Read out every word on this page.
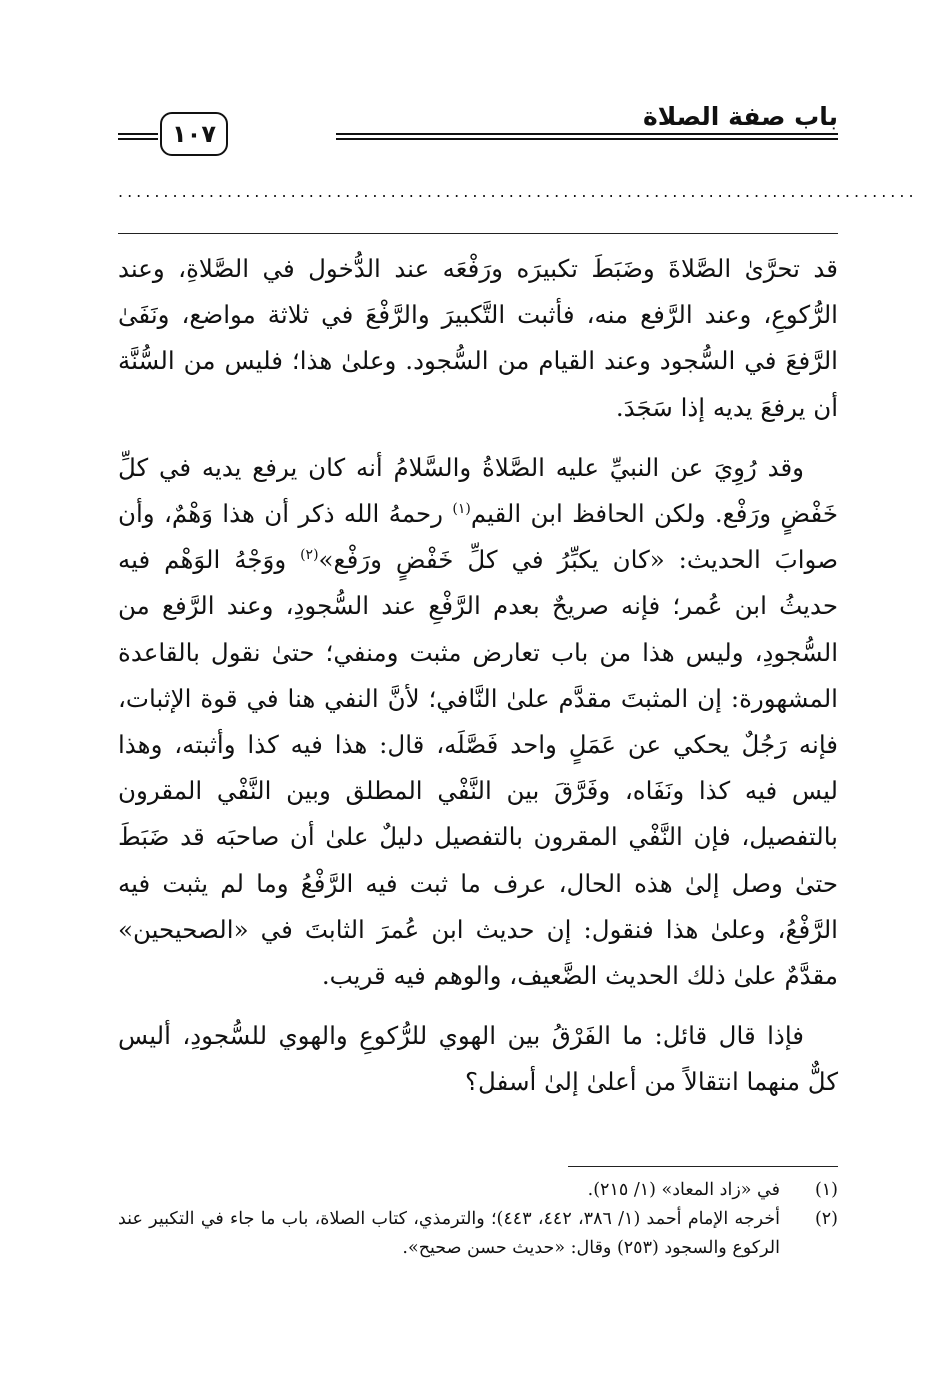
باب صفة الصلاة
١٠٧
........................................................................................

قد تحرَّىٰ الصَّلاةَ وضَبَطَ تكبيرَه ورَفْعَه عند الدُّخول في الصَّلاةِ، وعند الرُّكوعِ، وعند الرَّفع منه، فأثبت التَّكبيرَ والرَّفْعَ في ثلاثة مواضع، ونَفَىٰ الرَّفعَ في السُّجود وعند القيام من السُّجود. وعلىٰ هذا؛ فليس من السُّنَّة أن يرفعَ يديه إذا سَجَدَ.

وقد رُوِيَ عن النبيِّ عليه الصَّلاةُ والسَّلامُ أنه كان يرفع يديه في كلِّ خَفْضٍ ورَفْع. ولكن الحافظ ابن القيم$^{(١)}$ رحمهُ الله ذكر أن هذا وَهْمٌ، وأن صوابَ الحديث: «كان يكبِّرُ في كلِّ خَفْضٍ ورَفْع»$^{(٢)}$ ووَجْهُ الوَهْم فيه حديثُ ابن عُمر؛ فإنه صريحٌ بعدم الرَّفْعِ عند السُّجودِ، وعند الرَّفع من السُّجودِ، وليس هذا من باب تعارض مثبت ومنفي؛ حتىٰ نقول بالقاعدة المشهورة: إن المثبتَ مقدَّم علىٰ النَّافي؛ لأنَّ النفي هنا في قوة الإثبات، فإنه رَجُلٌ يحكي عن عَمَلٍ واحد فَصَّلَه، قال: هذا فيه كذا وأثبته، وهذا ليس فيه كذا ونَفَاه، وفَرَّقَ بين النَّفْي المطلق وبين النَّفْي المقرون بالتفصيل، فإن النَّفْي المقرون بالتفصيل دليلٌ علىٰ أن صاحبَه قد ضَبَطَ حتىٰ وصل إلىٰ هذه الحال، عرف ما ثبت فيه الرَّفْعُ وما لم يثبت فيه الرَّفْعُ، وعلىٰ هذا فنقول: إن حديث ابن عُمرَ الثابتَ في «الصحيحين» مقدَّمٌ علىٰ ذلك الحديث الضَّعيف، والوهم فيه قريب.

فإذا قال قائل: ما الفَرْقُ بين الهوي للرُّكوعِ والهوي للسُّجودِ، أليس كلٌّ منهما انتقالاً من أعلىٰ إلىٰ أسفل؟

(١)
في «زاد المعاد» (١/ ٢١٥).
(٢)
أخرجه الإمام أحمد (١/ ٣٨٦، ٤٤٢، ٤٤٣)؛ والترمذي، كتاب الصلاة، باب ما جاء في التكبير عند الركوع والسجود (٢٥٣) وقال: «حديث حسن صحيح».
